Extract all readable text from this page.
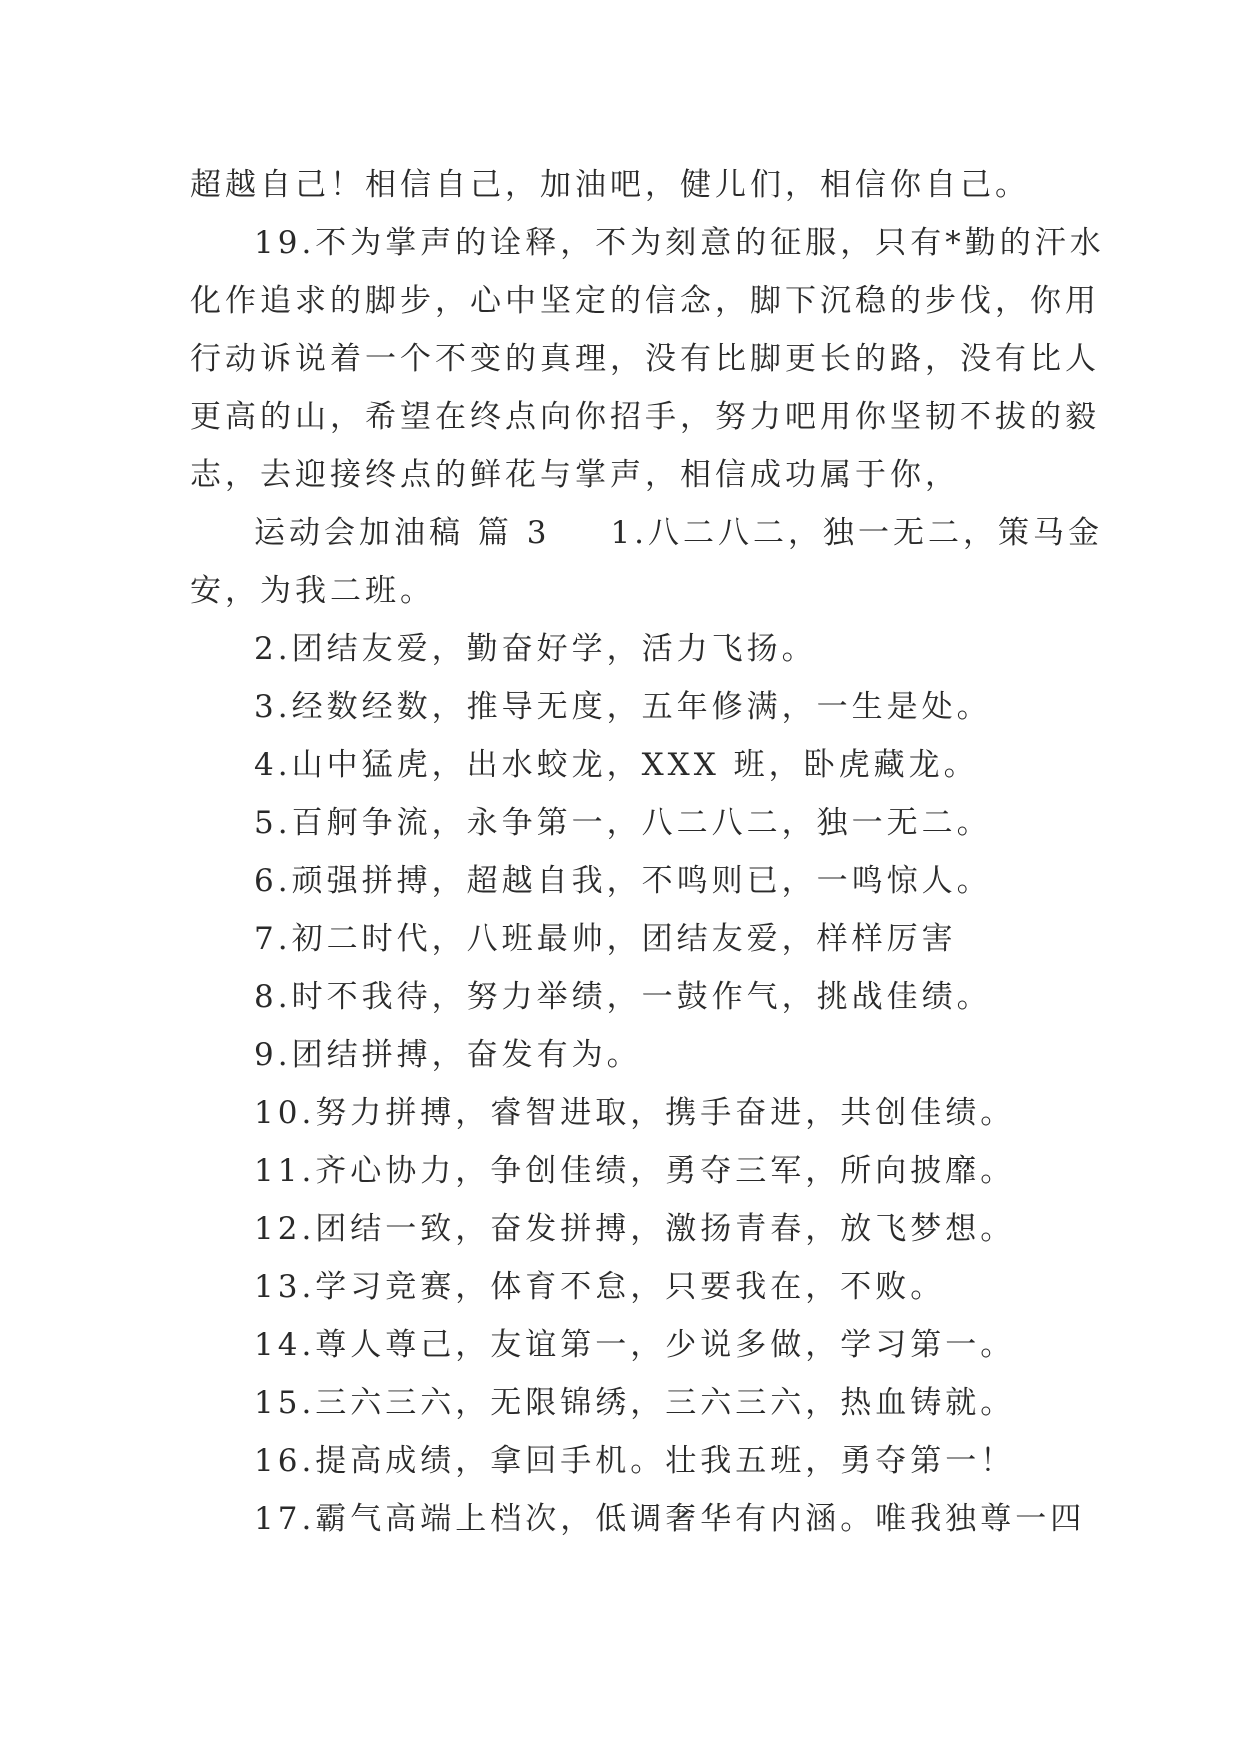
超越自己！相信自己，加油吧，健儿们，相信你自己。
19.不为掌声的诠释，不为刻意的征服，只有*勤的汗水
化作追求的脚步，心中坚定的信念，脚下沉稳的步伐，你用
行动诉说着一个不变的真理，没有比脚更长的路，没有比人
更高的山，希望在终点向你招手，努力吧用你坚韧不拔的毅
志，去迎接终点的鲜花与掌声，相信成功属于你，
运动会加油稿 篇 3 1.八二八二，独一无二，策马金
安，为我二班。
2.团结友爱，勤奋好学，活力飞扬。
3.经数经数，推导无度，五年修满，一生是处。
4.山中猛虎，出水蛟龙，XXX 班，卧虎藏龙。
5.百舸争流，永争第一，八二八二，独一无二。
6.顽强拼搏，超越自我，不鸣则已，一鸣惊人。
7.初二时代，八班最帅，团结友爱，样样厉害
8.时不我待，努力举绩，一鼓作气，挑战佳绩。
9.团结拼搏，奋发有为。
10.努力拼搏，睿智进取，携手奋进，共创佳绩。
11.齐心协力，争创佳绩，勇夺三军，所向披靡。
12.团结一致，奋发拼搏，激扬青春，放飞梦想。
13.学习竞赛，体育不怠，只要我在，不败。
14.尊人尊己，友谊第一，少说多做，学习第一。
15.三六三六，无限锦绣，三六三六，热血铸就。
16.提高成绩，拿回手机。壮我五班，勇夺第一！
17.霸气高端上档次，低调奢华有内涵。唯我独尊一四
